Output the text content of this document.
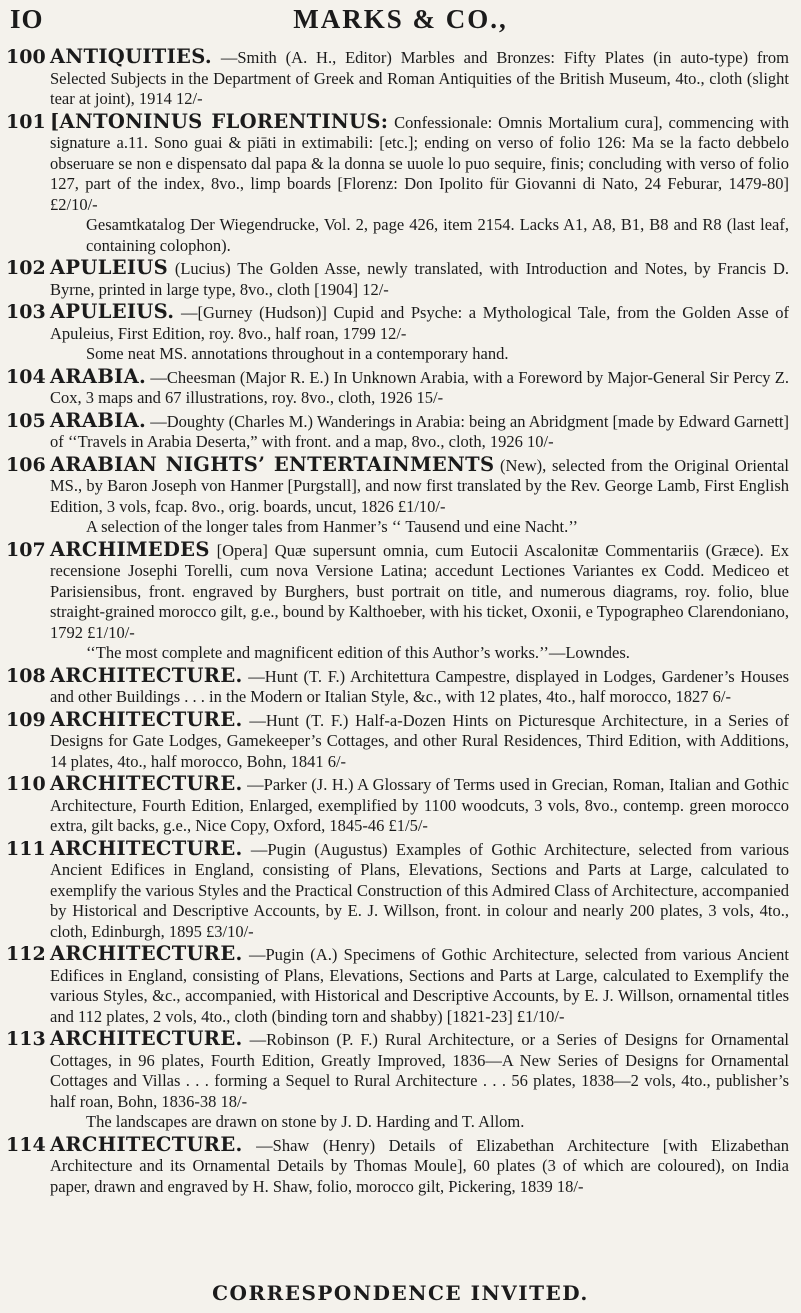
IO	MARKS & CO.,
100 ANTIQUITIES. —Smith (A. H., Editor) Marbles and Bronzes: Fifty Plates (in auto-type) from Selected Subjects in the Department of Greek and Roman Antiquities of the British Museum, 4to., cloth (slight tear at joint), 1914 12/-
101 [ANTONINUS FLORENTINUS: Confessionale: Omnis Mortalium cura], commencing with signature a.11. Sono guai & piāti in extimabili: [etc.]; ending on verso of folio 126: Ma se la facto debbelo obseruare se non e dispensato dal papa & la donna se uuole lo puo sequire, finis; concluding with verso of folio 127, part of the index, 8vo., limp boards [Florenz: Don Ipolito für Giovanni di Nato, 24 Feburar, 1479-80] £2/10/-
Gesamtkatalog Der Wiegendrucke, Vol. 2, page 426, item 2154. Lacks A1, A8, B1, B8 and R8 (last leaf, containing colophon).
102 APULEIUS (Lucius) The Golden Asse, newly translated, with Introduction and Notes, by Francis D. Byrne, printed in large type, 8vo., cloth [1904] 12/-
103 APULEIUS. —[Gurney (Hudson)] Cupid and Psyche: a Mythological Tale, from the Golden Asse of Apuleius, First Edition, roy. 8vo., half roan, 1799 12/-
Some neat MS. annotations throughout in a contemporary hand.
104 ARABIA. —Cheesman (Major R. E.) In Unknown Arabia, with a Foreword by Major-General Sir Percy Z. Cox, 3 maps and 67 illustrations, roy. 8vo., cloth, 1926 15/-
105 ARABIA. —Doughty (Charles M.) Wanderings in Arabia: being an Abridgment [made by Edward Garnett] of ‘‘Travels in Arabia Deserta,” with front. and a map, 8vo., cloth, 1926 10/-
106 ARABIAN NIGHTS’ ENTERTAINMENTS (New), selected from the Original Oriental MS., by Baron Joseph von Hanmer [Purgstall], and now first translated by the Rev. George Lamb, First English Edition, 3 vols, fcap. 8vo., orig. boards, uncut, 1826 £1/10/-
A selection of the longer tales from Hanmer’s ‘‘ Tausend und eine Nacht.’’
107 ARCHIMEDES [Opera] Quæ supersunt omnia, cum Eutocii Ascalonitæ Commentariis (Græce). Ex recensione Josephi Torelli, cum nova Versione Latina; accedunt Lectiones Variantes ex Codd. Mediceo et Parisiensibus, front. engraved by Burghers, bust portrait on title, and numerous diagrams, roy. folio, blue straight-grained morocco gilt, g.e., bound by Kalthoeber, with his ticket, Oxonii, e Typographeo Clarendoniano, 1792 £1/10/-
‘‘The most complete and magnificent edition of this Author’s works.’’—Lowndes.
108 ARCHITECTURE. —Hunt (T. F.) Architettura Campestre, displayed in Lodges, Gardener’s Houses and other Buildings . . . in the Modern or Italian Style, &c., with 12 plates, 4to., half morocco, 1827 6/-
109 ARCHITECTURE. —Hunt (T. F.) Half-a-Dozen Hints on Picturesque Architecture, in a Series of Designs for Gate Lodges, Gamekeeper’s Cottages, and other Rural Residences, Third Edition, with Additions, 14 plates, 4to., half morocco, Bohn, 1841 6/-
110 ARCHITECTURE. —Parker (J. H.) A Glossary of Terms used in Grecian, Roman, Italian and Gothic Architecture, Fourth Edition, Enlarged, exemplified by 1100 woodcuts, 3 vols, 8vo., contemp. green morocco extra, gilt backs, g.e., Nice Copy, Oxford, 1845-46 £1/5/-
111 ARCHITECTURE. —Pugin (Augustus) Examples of Gothic Architecture, selected from various Ancient Edifices in England, consisting of Plans, Elevations, Sections and Parts at Large, calculated to exemplify the various Styles and the Practical Construction of this Admired Class of Architecture, accompanied by Historical and Descriptive Accounts, by E. J. Willson, front. in colour and nearly 200 plates, 3 vols, 4to., cloth, Edinburgh, 1895 £3/10/-
112 ARCHITECTURE. —Pugin (A.) Specimens of Gothic Architecture, selected from various Ancient Edifices in England, consisting of Plans, Elevations, Sections and Parts at Large, calculated to Exemplify the various Styles, &c., accompanied, with Historical and Descriptive Accounts, by E. J. Willson, ornamental titles and 112 plates, 2 vols, 4to., cloth (binding torn and shabby) [1821-23] £1/10/-
113 ARCHITECTURE. —Robinson (P. F.) Rural Architecture, or a Series of Designs for Ornamental Cottages, in 96 plates, Fourth Edition, Greatly Improved, 1836—A New Series of Designs for Ornamental Cottages and Villas . . . forming a Sequel to Rural Architecture . . . 56 plates, 1838—2 vols, 4to., publisher’s half roan, Bohn, 1836-38 18/-
The landscapes are drawn on stone by J. D. Harding and T. Allom.
114 ARCHITECTURE. —Shaw (Henry) Details of Elizabethan Architecture [with Elizabethan Architecture and its Ornamental Details by Thomas Moule], 60 plates (3 of which are coloured), on India paper, drawn and engraved by H. Shaw, folio, morocco gilt, Pickering, 1839 18/-
CORRESPONDENCE INVITED.
